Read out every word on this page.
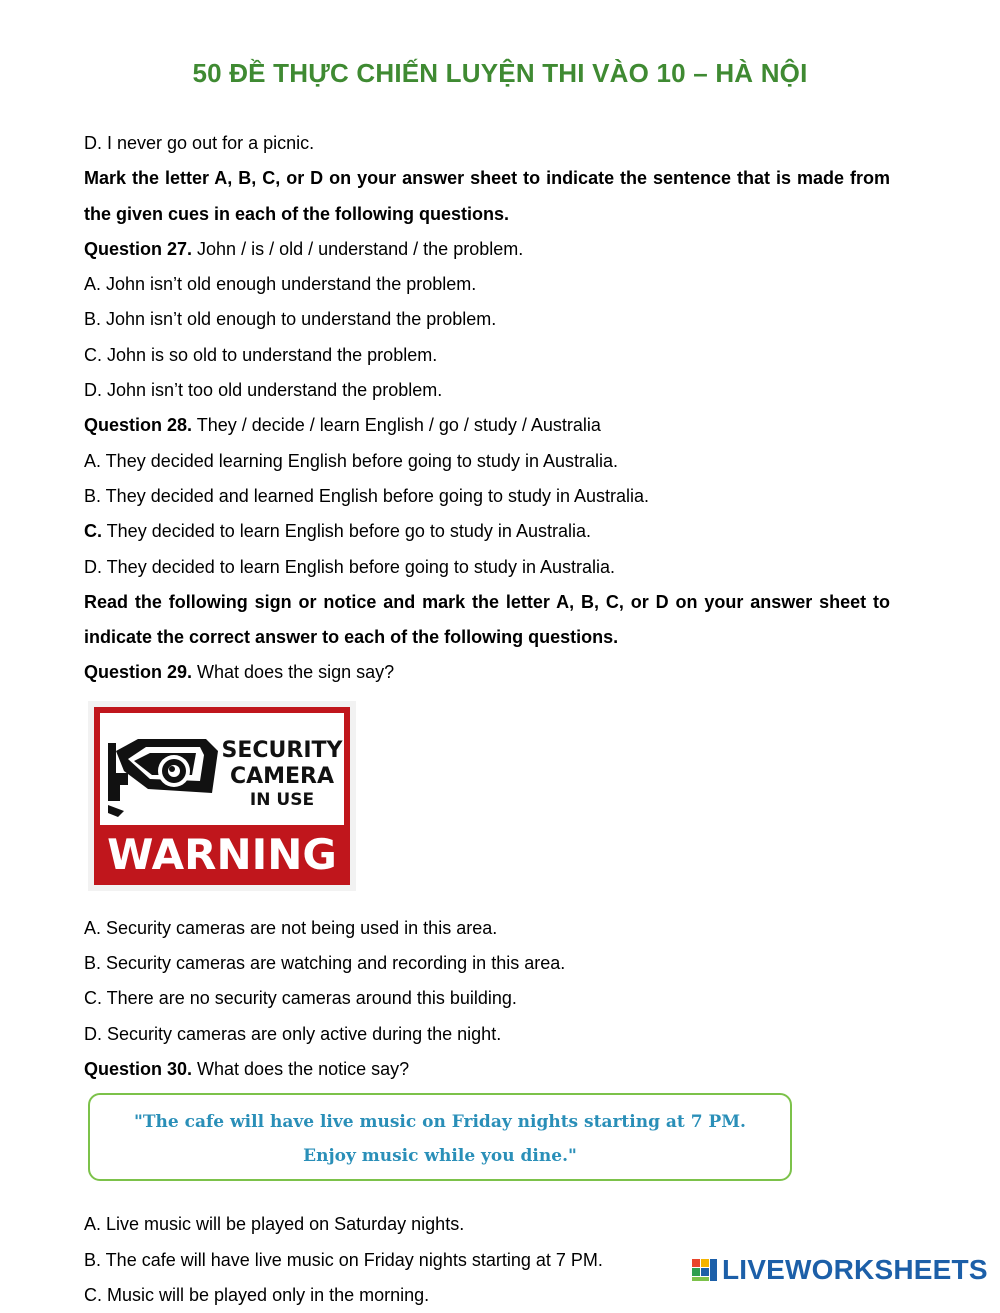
50 ĐỀ THỰC CHIẾN LUYỆN THI VÀO 10 – HÀ NỘI
D. I never go out for a picnic.
Mark the letter A, B, C, or D on your answer sheet to indicate the sentence that is made from the given cues in each of the following questions.
Question 27. John / is / old / understand / the problem.
A. John isn’t old enough understand the problem.
B. John isn’t old enough to understand the problem.
C. John is so old to understand the problem.
D. John isn’t too old understand the problem.
Question 28. They / decide / learn English / go / study / Australia
A. They decided learning English before going to study in Australia.
B. They decided and learned English before going to study in Australia.
C. They decided to learn English before go to study in Australia.
D. They decided to learn English before going to study in Australia.
Read the following sign or notice and mark the letter A, B, C, or D on your answer sheet to indicate the correct answer to each of the following questions.
Question 29. What does the sign say?
SECURITY
CAMERA
IN USE
WARNING
A. Security cameras are not being used in this area.
B. Security cameras are watching and recording in this area.
C. There are no security cameras around this building.
D. Security cameras are only active during the night.
Question 30. What does the notice say?
"The cafe will have live music on Friday nights starting at 7 PM.
Enjoy music while you dine."
A. Live music will be played on Saturday nights.
B. The cafe will have live music on Friday nights starting at 7 PM.
C. Music will be played only in the morning.
LIVEWORKSHEETS
